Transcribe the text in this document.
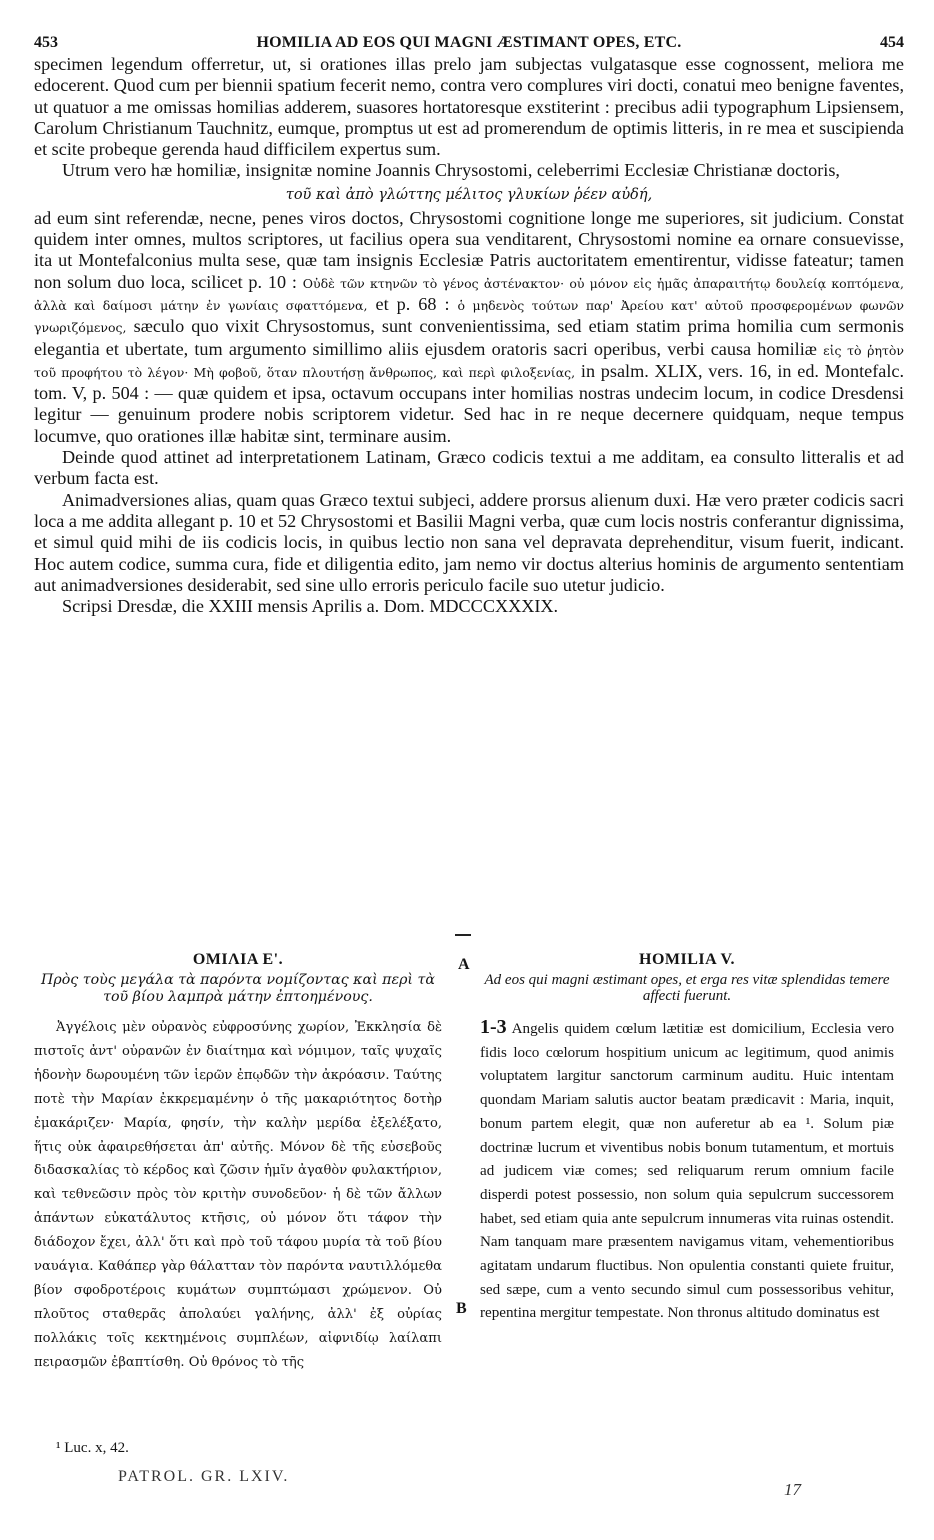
453	HOMILIA AD EOS QUI MAGNI ÆSTIMANT OPES, ETC.	454

specimen legendum offerretur, ut, si orationes illas prelo jam subjectas vulgatasque esse cognossent, meliora me edocerent. Quod cum per biennii spatium fecerit nemo, contra vero complures viri docti, conatui meo benigne faventes, ut quatuor a me omissas homilias adderem, suasores hortatoresque exstiterint : precibus adii typographum Lipsiensem, Carolum Christianum Tauchnitz, eumque, promptus ut est ad promerendum de optimis litteris, in re mea et suscipienda et scite probeque gerenda haud difficilem expertus sum.

Utrum vero hæ homiliæ, insignitæ nomine Joannis Chrysostomi, celeberrimi Ecclesiæ Christianæ doctoris,

τοῦ καὶ ἀπὸ γλώττης μέλιτος γλυκίων ῥέεν αὐδή,

ad eum sint referendæ, necne, penes viros doctos, Chrysostomi cognitione longe me superiores, sit judicium. Constat quidem inter omnes, multos scriptores, ut facilius opera sua venditarent, Chrysostomi nomine ea ornare consuevisse, ita ut Montefalconius multa sese, quæ tam insignis Ecclesiæ Patris auctoritatem ementirentur, vidisse fateatur; tamen non solum duo loca, scilicet p. 10 : Οὐδὲ τῶν κτηνῶν τὸ γένος ἀστένακτον· οὐ μόνον εἰς ἡμᾶς ἀπαραιτήτῳ δουλείᾳ κοπτόμενα, ἀλλὰ καὶ δαίμοσι μάτην ἐν γωνίαις σφαττόμενα, et p. 68 : ὁ μηδενὸς τούτων παρ' Ἀρείου κατ' αὐτοῦ προσφερομένων φωνῶν γνωριζόμενος, sæculo quo vixit Chrysostomus, sunt convenientissima, sed etiam statim prima homilia cum sermonis elegantia et ubertate, tum argumento simillimo aliis ejusdem oratoris sacri operibus, verbi causa homiliæ εἰς τὸ ῥητὸν τοῦ προφήτου τὸ λέγον· Μὴ φοβοῦ, ὅταν πλουτήσῃ ἄνθρωπος, καὶ περὶ φιλοξενίας, in psalm. XLIX, vers. 16, in ed. Montefalc. tom. V, p. 504 : — quæ quidem et ipsa, octavum occupans inter homilias nostras undecim locum, in codice Dresdensi legitur — genuinum prodere nobis scriptorem videtur. Sed hac in re neque decernere quidquam, neque tempus locumve, quo orationes illæ habitæ sint, terminare ausim.

Deinde quod attinet ad interpretationem Latinam, Græco codicis textui a me additam, ea consulto litteralis et ad verbum facta est.

Animadversiones alias, quam quas Græco textui subjeci, addere prorsus alienum duxi. Hæ vero præter codicis sacri loca a me addita allegant p. 10 et 52 Chrysostomi et Basilii Magni verba, quæ cum locis nostris conferantur dignissima, et simul quid mihi de iis codicis locis, in quibus lectio non sana vel depravata deprehenditur, visum fuerit, indicant. Hoc autem codice, summa cura, fide et diligentia edito, jam nemo vir doctus alterius hominis de argumento sententiam aut animadversiones desiderabit, sed sine ullo erroris periculo facile suo utetur judicio.

Scripsi Dresdæ, die XXIII mensis Aprilis a. Dom. MDCCCXXXIX.

A
B
ΟΜΙΛΙΑ Ε'.
Πρὸς τοὺς μεγάλα τὰ παρόντα νομίζοντας καὶ περὶ τὰ τοῦ βίου λαμπρὰ μάτην ἐπτοημένους.

Ἀγγέλοις μὲν οὐρανὸς εὐφροσύνης χωρίον, Ἐκκλησία δὲ πιστοῖς ἀντ' οὐρανῶν ἐν διαίτημα καὶ νόμιμον, ταῖς ψυχαῖς ἡδονὴν δωρουμένη τῶν ἱερῶν ἐπῳδῶν τὴν ἀκρόασιν. Ταύτης ποτὲ τὴν Μαρίαν ἐκκρεμαμένην ὁ τῆς μακαριότητος δοτὴρ ἐμακάριζεν· Μαρία, φησίν, τὴν καλὴν μερίδα ἐξελέξατο, ἥτις οὐκ ἀφαιρεθήσεται ἀπ' αὐτῆς. Μόνον δὲ τῆς εὐσεβοῦς διδασκαλίας τὸ κέρδος καὶ ζῶσιν ἡμῖν ἀγαθὸν φυλακτήριον, καὶ τεθνεῶσιν πρὸς τὸν κριτὴν συνοδεῦον· ἡ δὲ τῶν ἄλλων ἁπάντων εὐκατάλυτος κτῆσις, οὐ μόνον ὅτι τάφον τὴν διάδοχον ἔχει, ἀλλ' ὅτι καὶ πρὸ τοῦ τάφου μυρία τὰ τοῦ βίου ναυάγια. Καθάπερ γὰρ θάλατταν τὸν παρόντα ναυτιλλόμεθα βίον σφοδροτέροις κυμάτων συμπτώμασι χρώμενον. Οὐ πλοῦτος σταθερᾶς ἀπολαύει γαλήνης, ἀλλ' ἐξ οὐρίας πολλάκις τοῖς κεκτημένοις συμπλέων, αἰφνιδίῳ λαίλαπι πειρασμῶν ἐβαπτίσθη. Οὐ θρόνος τὸ τῆς

HOMILIA V.
Ad eos qui magni æstimant opes, et erga res vitæ splendidas temere affecti fuerunt.

1-3 Angelis quidem cœlum lætitiæ est domicilium, Ecclesia vero fidis loco cœlorum hospitium unicum ac legitimum, quod animis voluptatem largitur sanctorum carminum auditu. Huic intentam quondam Mariam salutis auctor beatam prædicavit : Maria, inquit, bonum partem elegit, quæ non auferetur ab ea ¹. Solum piæ doctrinæ lucrum et viventibus nobis bonum tutamentum, et mortuis ad judicem viæ comes; sed reliquarum rerum omnium facile disperdi potest possessio, non solum quia sepulcrum successorem habet, sed etiam quia ante sepulcrum innumeras vita ruinas ostendit. Nam tanquam mare præsentem navigamus vitam, vehementioribus agitatam undarum fluctibus. Non opulentia constanti quiete fruitur, sed sæpe, cum a vento secundo simul cum possessoribus vehitur, repentina mergitur tempestate. Non thronus altitudo dominatus est

¹ Luc. x, 42.
PATROL. GR. LXIV.
17
